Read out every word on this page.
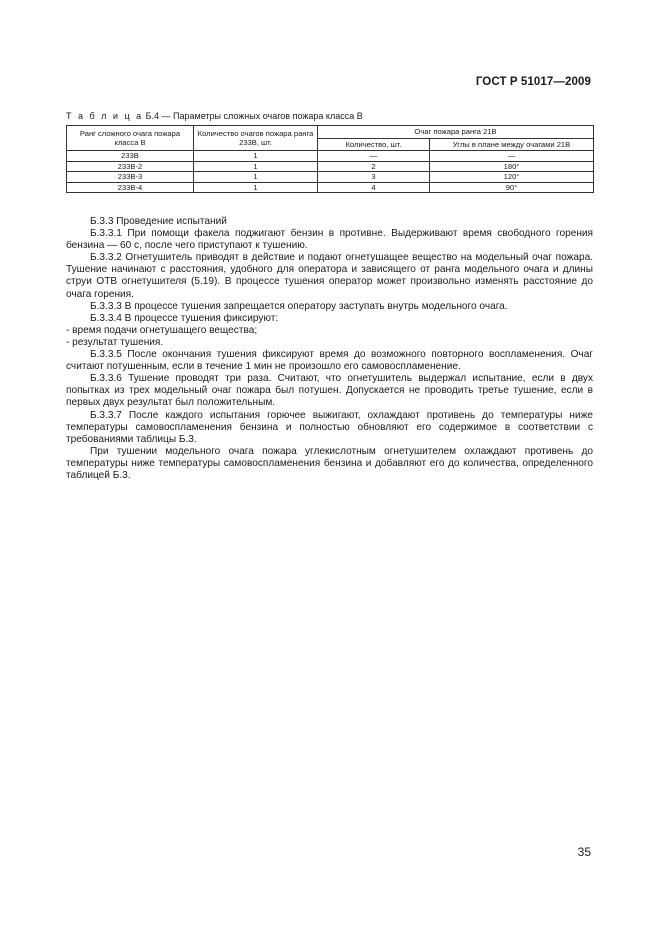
ГОСТ Р 51017—2009
Т а б л и ц а Б.4 — Параметры сложных очагов пожара класса В
Ранг сложного очага пожара класса В	Количество очагов пожара ранга 233В, шт.	Очаг пожара ранга 21В	
		Количество, шт.	Углы в плане между очагами 21В
233В	1	—	—
233В-2	1	2	180°
233В-3	1	3	120°
233В-4	1	4	90°

Б.3.3 Проведение испытаний

Б.3.3.1 При помощи факела поджигают бензин в противне. Выдерживают время свободного горения бензина — 60 с, после чего приступают к тушению.

Б.3.3.2 Огнетушитель приводят в действие и подают огнетушащее вещество на модельный очаг пожара. Тушение начинают с расстояния, удобного для оператора и зависящего от ранга модельного очага и длины струи ОТВ огнетушителя (5.19). В процессе тушения оператор может произвольно изменять расстояние до очага горения.

Б.3.3.3 В процессе тушения запрещается оператору заступать внутрь модельного очага.

Б.3.3.4 В процессе тушения фиксируют:

- время подачи огнетушащего вещества;

- результат тушения.

Б.3.3.5 После окончания тушения фиксируют время до возможного повторного воспламенения. Очаг считают потушенным, если в течение 1 мин не произошло его самовоспламенение.

Б.3.3.6 Тушение проводят три раза. Считают, что огнетушитель выдержал испытание, если в двух попытках из трех модельный очаг пожара был потушен. Допускается не проводить третье тушение, если в первых двух результат был положительным.

Б.3.3.7 После каждого испытания горючее выжигают, охлаждают противень до температуры ниже температуры самовоспламенения бензина и полностью обновляют его содержимое в соответствии с требованиями таблицы Б.3.

При тушении модельного очага пожара углекислотным огнетушителем охлаждают противень до температуры ниже температуры самовоспламенения бензина и добавляют его до количества, определенного таблицей Б.3.

35
